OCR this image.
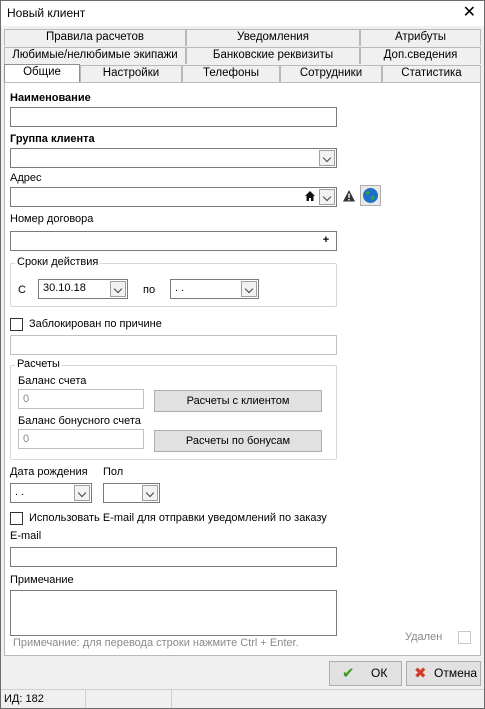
Новый клиент	✕
Правила расчетов	Уведомления	Атрибуты
Любимые/нелюбимые экипажи	Банковские реквизиты	Доп.сведения
Общие	Настройки	Телефоны	Сотрудники	Статистика
Наименование
Группа клиента
Адрес
Номер договора
+
Сроки действия
С 30.10.18	по . .
Заблокирован по причине
Расчеты
Баланс счета
0	Расчеты с клиентом
Баланс бонусного счета
0	Расчеты по бонусам
Дата рождения
. .
Пол
Использовать E-mail для отправки уведомлений по заказу
E-mail
Примечание
Примечание: для перевода строки нажмите Ctrl + Enter.	Удален
✔ ОК ✖ Отмена
ИД: 182
